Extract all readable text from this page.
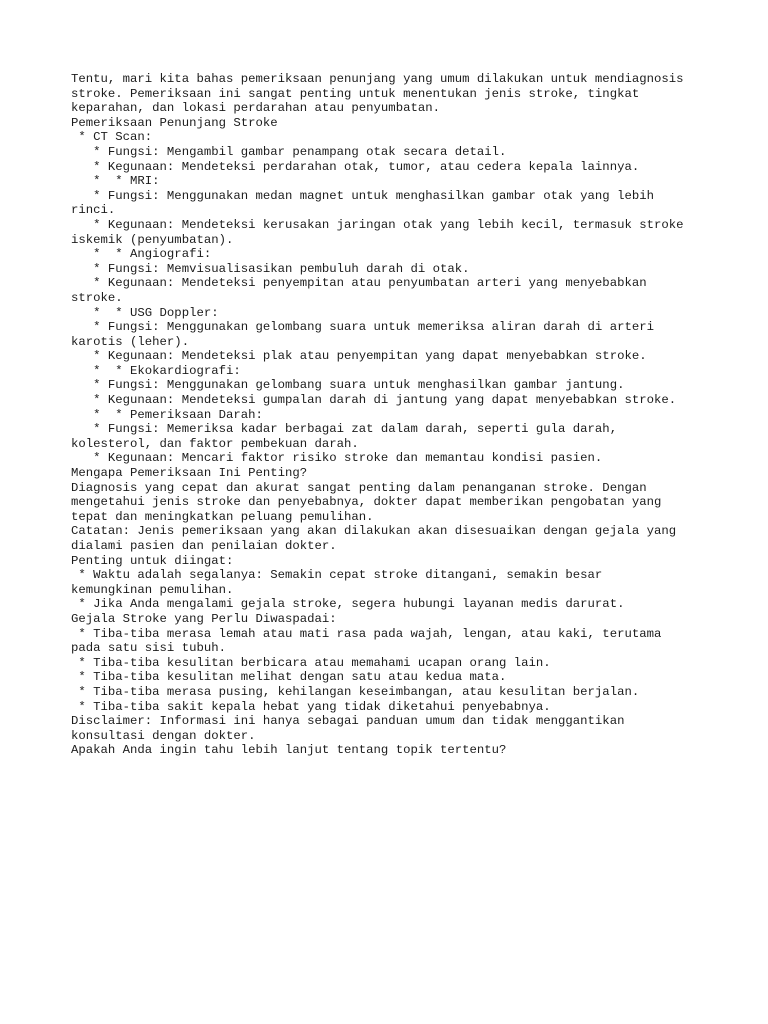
Tentu, mari kita bahas pemeriksaan penunjang yang umum dilakukan untuk mendiagnosis
stroke. Pemeriksaan ini sangat penting untuk menentukan jenis stroke, tingkat
keparahan, dan lokasi perdarahan atau penyumbatan.
Pemeriksaan Penunjang Stroke
* CT Scan:
* Fungsi: Mengambil gambar penampang otak secara detail.
* Kegunaan: Mendeteksi perdarahan otak, tumor, atau cedera kepala lainnya.
*  * MRI:
* Fungsi: Menggunakan medan magnet untuk menghasilkan gambar otak yang lebih
rinci.
* Kegunaan: Mendeteksi kerusakan jaringan otak yang lebih kecil, termasuk stroke
iskemik (penyumbatan).
*  * Angiografi:
* Fungsi: Memvisualisasikan pembuluh darah di otak.
* Kegunaan: Mendeteksi penyempitan atau penyumbatan arteri yang menyebabkan
stroke.
*  * USG Doppler:
* Fungsi: Menggunakan gelombang suara untuk memeriksa aliran darah di arteri
karotis (leher).
* Kegunaan: Mendeteksi plak atau penyempitan yang dapat menyebabkan stroke.
*  * Ekokardiografi:
* Fungsi: Menggunakan gelombang suara untuk menghasilkan gambar jantung.
* Kegunaan: Mendeteksi gumpalan darah di jantung yang dapat menyebabkan stroke.
*  * Pemeriksaan Darah:
* Fungsi: Memeriksa kadar berbagai zat dalam darah, seperti gula darah,
kolesterol, dan faktor pembekuan darah.
* Kegunaan: Mencari faktor risiko stroke dan memantau kondisi pasien.
Mengapa Pemeriksaan Ini Penting?
Diagnosis yang cepat dan akurat sangat penting dalam penanganan stroke. Dengan
mengetahui jenis stroke dan penyebabnya, dokter dapat memberikan pengobatan yang
tepat dan meningkatkan peluang pemulihan.
Catatan: Jenis pemeriksaan yang akan dilakukan akan disesuaikan dengan gejala yang
dialami pasien dan penilaian dokter.
Penting untuk diingat:
* Waktu adalah segalanya: Semakin cepat stroke ditangani, semakin besar
kemungkinan pemulihan.
* Jika Anda mengalami gejala stroke, segera hubungi layanan medis darurat.
Gejala Stroke yang Perlu Diwaspadai:
* Tiba-tiba merasa lemah atau mati rasa pada wajah, lengan, atau kaki, terutama
pada satu sisi tubuh.
* Tiba-tiba kesulitan berbicara atau memahami ucapan orang lain.
* Tiba-tiba kesulitan melihat dengan satu atau kedua mata.
* Tiba-tiba merasa pusing, kehilangan keseimbangan, atau kesulitan berjalan.
* Tiba-tiba sakit kepala hebat yang tidak diketahui penyebabnya.
Disclaimer: Informasi ini hanya sebagai panduan umum dan tidak menggantikan
konsultasi dengan dokter.
Apakah Anda ingin tahu lebih lanjut tentang topik tertentu?
